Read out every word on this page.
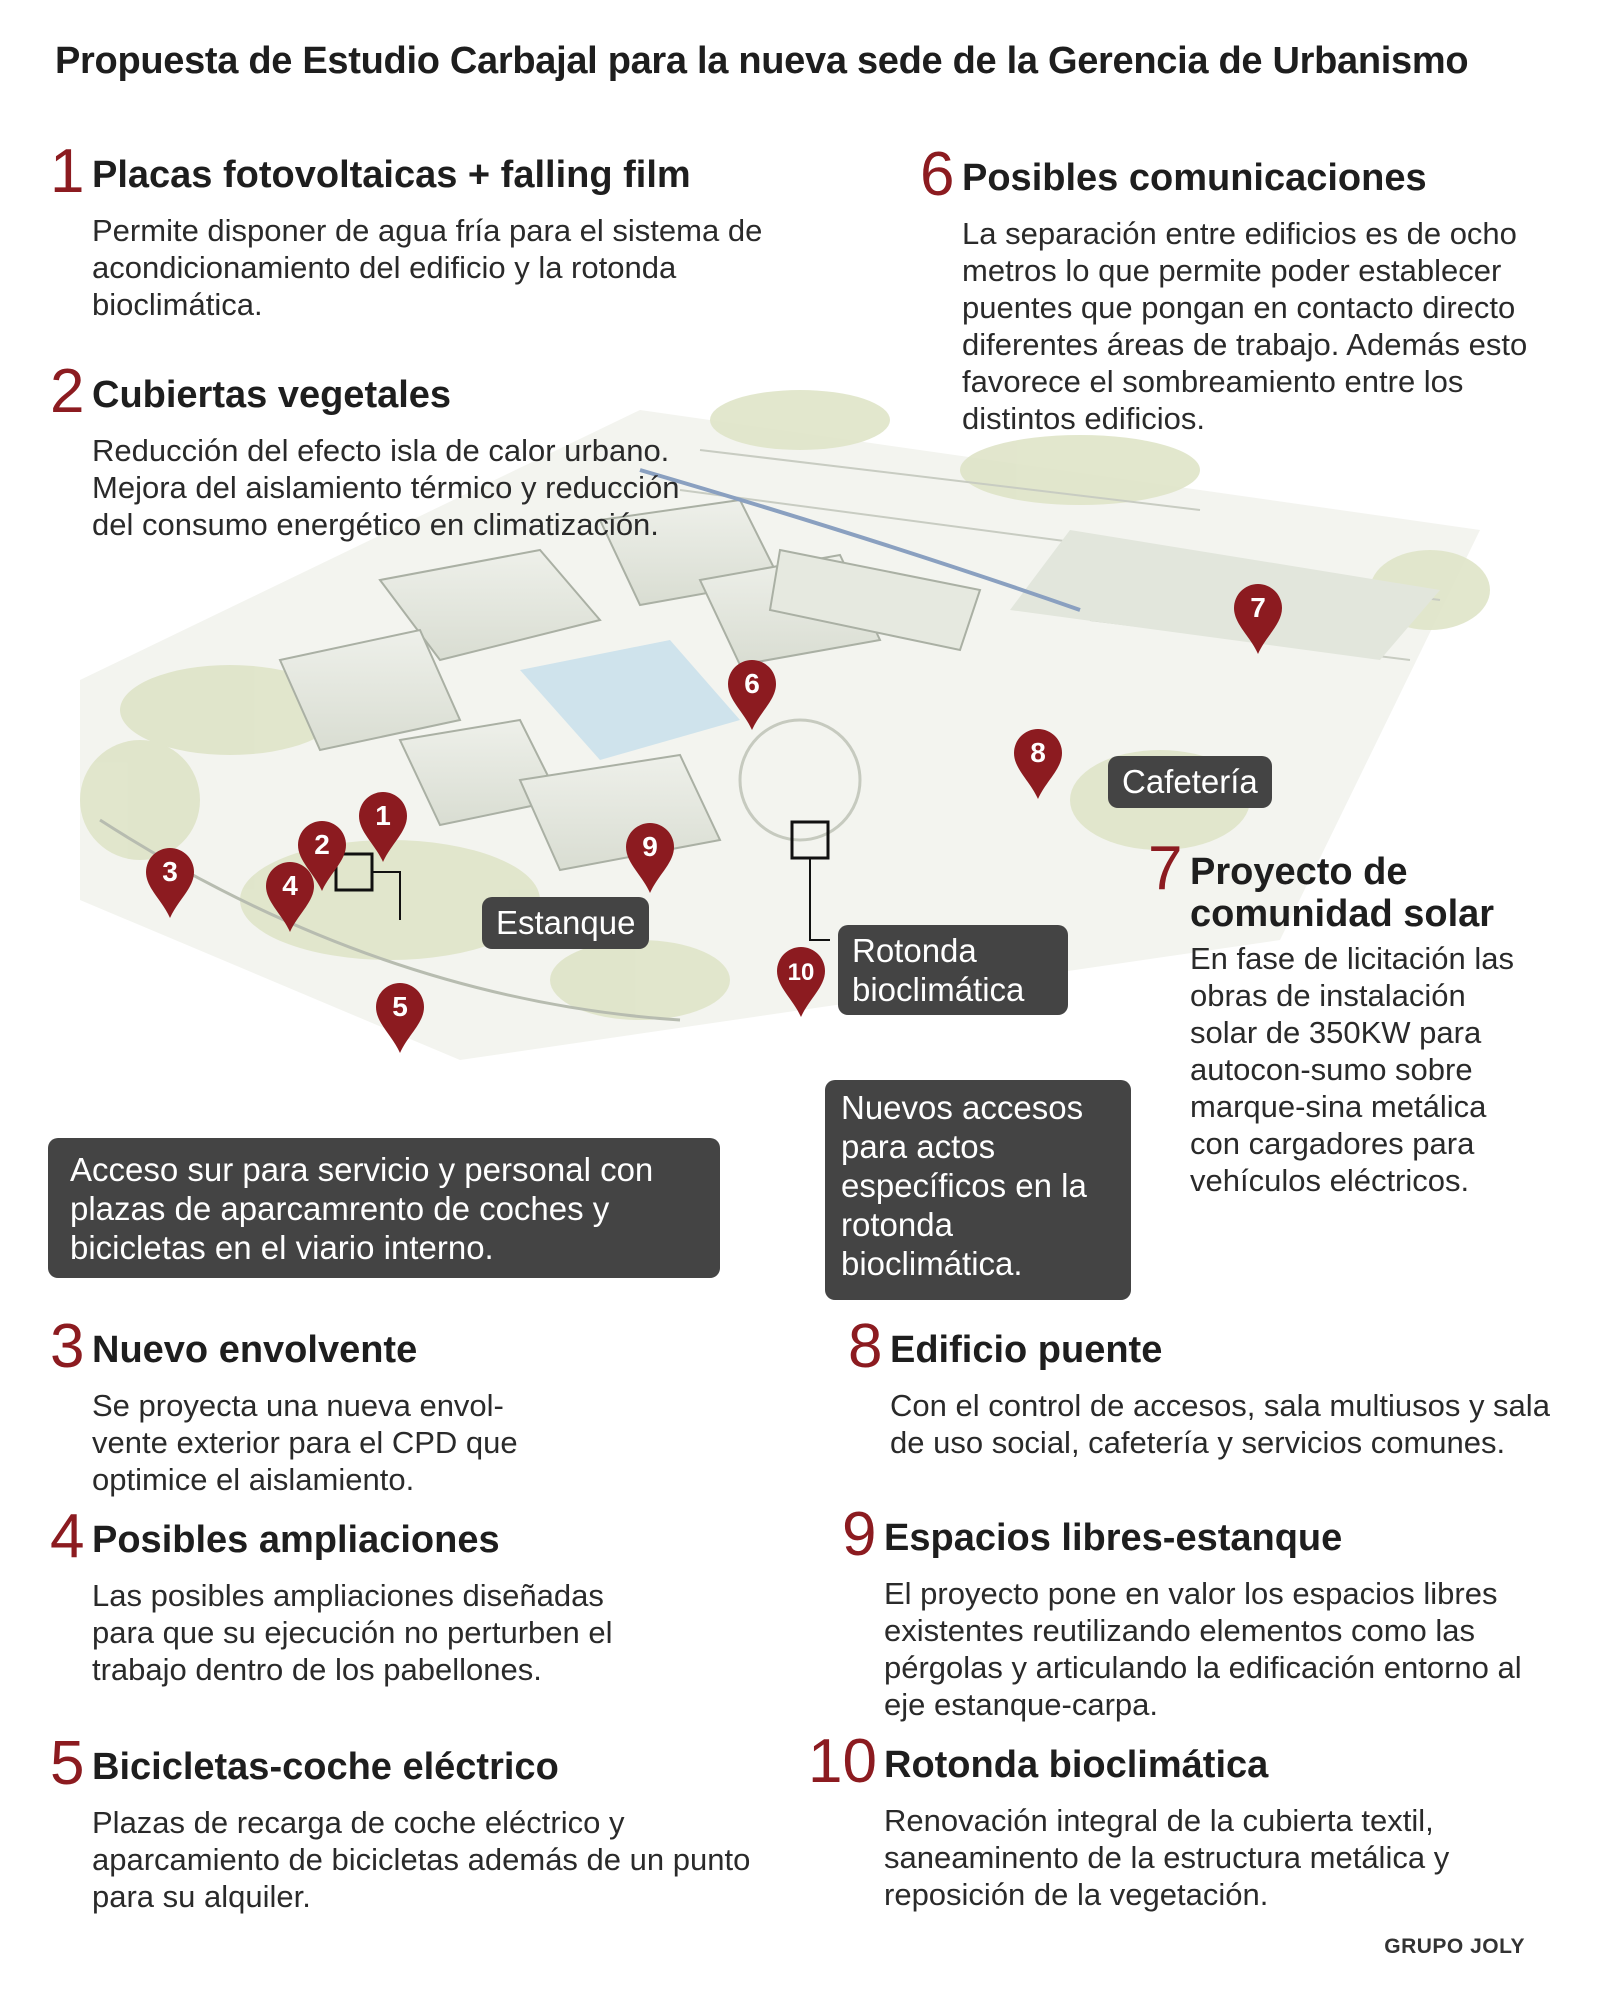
Propuesta de Estudio Carbajal para la nueva sede de la Gerencia de Urbanismo
1
2
3	4
5
6
7
8
9
10
Estanque
Rotonda bioclimática
Cafetería
Acceso sur para servicio y personal con plazas de aparcamrento de coches y bicicletas en el viario interno.
Nuevos accesos para actos específicos en la rotonda bioclimática.
1 Placas fotovoltaicas + falling film
Permite disponer de agua fría para el sistema de acondicionamiento del edificio y la rotonda bioclimática.
2 Cubiertas vegetales
Reducción del efecto isla de calor urbano. Mejora del aislamiento térmico y reducción del consumo energético en climatización.
6 Posibles comunicaciones
La separación entre edificios es de ocho metros lo que permite poder establecer puentes que pongan en contacto directo diferentes áreas de trabajo. Además esto favorece el sombreamiento entre los distintos edificios.
7 Proyecto de comunidad solar
En fase de licitación las obras de instalación solar de 350KW para autocon-sumo sobre marque-sina metálica con cargadores para vehículos eléctricos.
3 Nuevo envolvente
Se proyecta una nueva envol-vente exterior para el CPD que optimice el aislamiento.
4 Posibles ampliaciones
Las posibles ampliaciones diseñadas para que su ejecución no perturben el trabajo dentro de los pabellones.
5 Bicicletas-coche eléctrico
Plazas de recarga de coche eléctrico y aparcamiento de bicicletas además de un punto para su alquiler.
8 Edificio puente
Con el control de accesos, sala multiusos y sala de uso social, cafetería y servicios comunes.
9 Espacios libres-estanque
El proyecto pone en valor los espacios libres existentes reutilizando elementos como las pérgolas y articulando la edificación entorno al eje estanque-carpa.
10 Rotonda bioclimática
Renovación integral de la cubierta textil, saneaminento de la estructura metálica y reposición de la vegetación.
GRUPO JOLY
